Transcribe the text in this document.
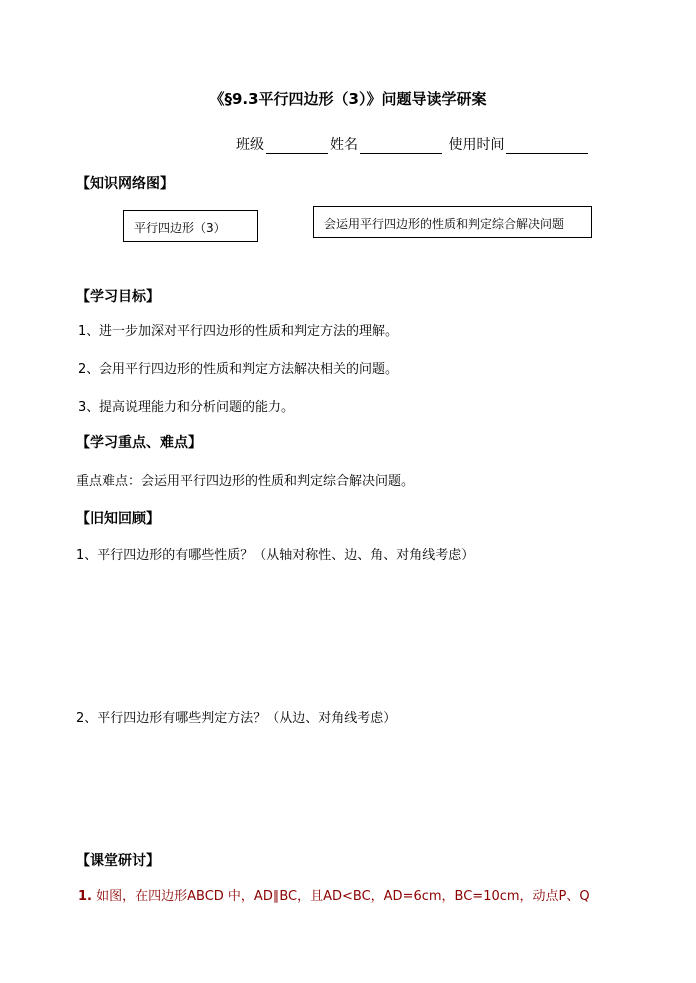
《§9.3平行四边形（3）》问题导读学研案
班级	姓名	使用时间
【知识网络图】
平行四边形（3）	会运用平行四边形的性质和判定综合解决问题
【学习目标】
1、进一步加深对平行四边形的性质和判定方法的理解。
2、会用平行四边形的性质和判定方法解决相关的问题。
3、提高说理能力和分析问题的能力。
【学习重点、难点】
重点难点：会运用平行四边形的性质和判定综合解决问题。
【旧知回顾】
1、平行四边形的有哪些性质？（从轴对称性、边、角、对角线考虑）
2、平行四边形有哪些判定方法？（从边、对角线考虑）
【课堂研讨】
1. 如图，在四边形ABCD 中，AD∥BC，且AD<BC，AD=6cm，BC=10cm，动点P、Q
